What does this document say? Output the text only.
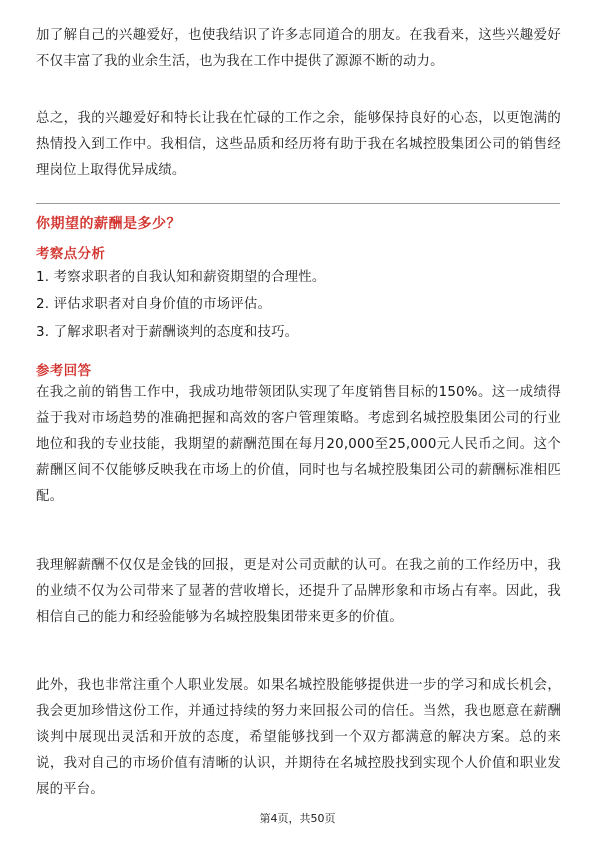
加了解自己的兴趣爱好，也使我结识了许多志同道合的朋友。在我看来，这些兴趣爱好不仅丰富了我的业余生活，也为我在工作中提供了源源不断的动力。

总之，我的兴趣爱好和特长让我在忙碌的工作之余，能够保持良好的心态，以更饱满的热情投入到工作中。我相信，这些品质和经历将有助于我在名城控股集团公司的销售经理岗位上取得优异成绩。

你期望的薪酬是多少？
考察点分析

1. 考察求职者的自我认知和薪资期望的合理性。

2. 评估求职者对自身价值的市场评估。

3. 了解求职者对于薪酬谈判的态度和技巧。

参考回答

在我之前的销售工作中，我成功地带领团队实现了年度销售目标的150%。这一成绩得益于我对市场趋势的准确把握和高效的客户管理策略。考虑到名城控股集团公司的行业地位和我的专业技能，我期望的薪酬范围在每月20,000至25,000元人民币之间。这个薪酬区间不仅能够反映我在市场上的价值，同时也与名城控股集团公司的薪酬标准相匹配。

我理解薪酬不仅仅是金钱的回报，更是对公司贡献的认可。在我之前的工作经历中，我的业绩不仅为公司带来了显著的营收增长，还提升了品牌形象和市场占有率。因此，我相信自己的能力和经验能够为名城控股集团带来更多的价值。

此外，我也非常注重个人职业发展。如果名城控股能够提供进一步的学习和成长机会，我会更加珍惜这份工作，并通过持续的努力来回报公司的信任。当然，我也愿意在薪酬谈判中展现出灵活和开放的态度，希望能够找到一个双方都满意的解决方案。总的来说，我对自己的市场价值有清晰的认识，并期待在名城控股找到实现个人价值和职业发展的平台。

第4页，共50页
